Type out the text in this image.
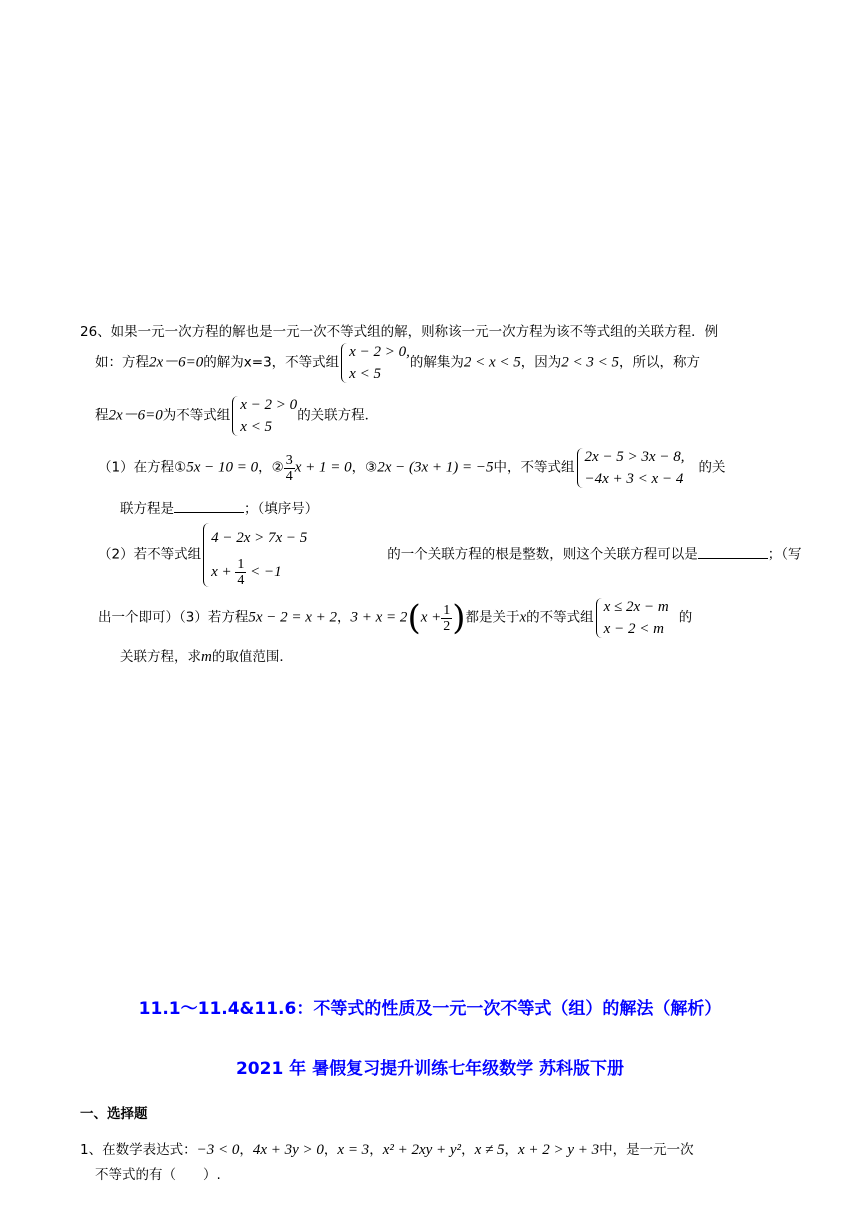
26、如果一元一次方程的解也是一元一次不等式组的解，则称该一元一次方程为该不等式组的关联方程．例
如：方程2x－6=0的解为x=3，不等式组
x − 2 > 0,
x < 5
的解集为2 < x < 5，因为2 < 3 < 5，所以，称方
程2x－6=0为不等式组
x − 2 > 0
x < 5
的关联方程．
（1）在方程①5x − 10 = 0，② $\frac{3}{4}$ x + 1 = 0，③2x − (3x + 1) = −5中，不等式组
2x − 5 > 3x − 8,
−4x + 3 < x − 4
的关
联方程是	；（填序号）
（2）若不等式组
4 − 2x > 7x − 5
$x + \frac{1}{4} < -1$
的一个关联方程的根是整数，则这个关联方程可以是	；（写
出一个即可）（3）若方程5x − 2 = x + 2，$3 + x = 2(x + \frac{1}{2}$ )都是关于x的不等式组
x ≤ 2x − m
x − 2 < m
的
关联方程，求m的取值范围．
11.1～11.4&11.6：不等式的性质及一元一次不等式（组）的解法（解析）
2021 年 暑假复习提升训练七年级数学 苏科版下册
一、选择题
1、在数学表达式：−3 < 0，4x + 3y > 0，x = 3，x² + 2xy + y²，x ≠ 5，x + 2 > y + 3中，是一元一次
不等式的有（　　）.
